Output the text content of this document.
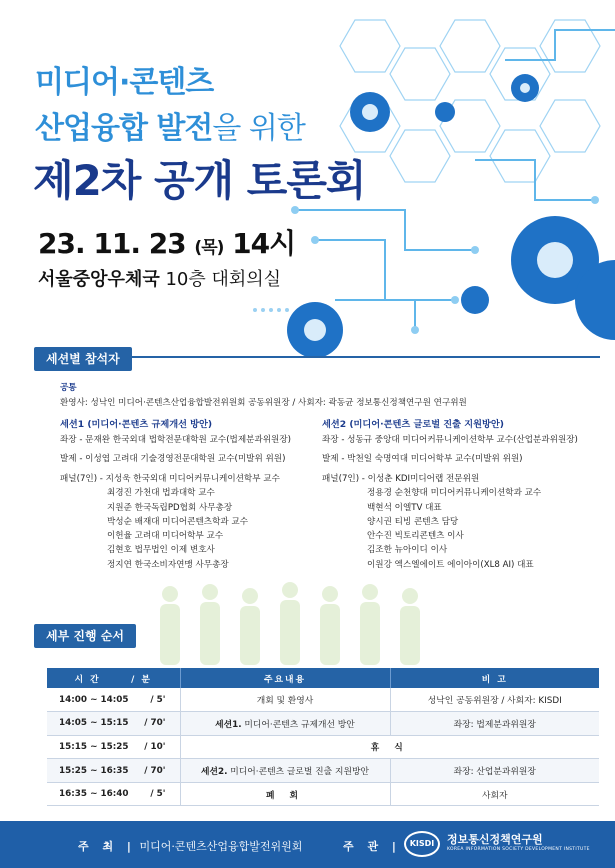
미디어·콘텐츠
산업융합 발전을 위한
제2차 공개 토론회
23. 11. 23 (목) 14시
서울중앙우체국 10층 대회의실
세션별 참석자
공통
환영사: 성낙인 미디어·콘텐츠산업융합발전위원회 공동위원장 / 사회자: 곽동균 정보통신정책연구원 연구위원
세션1 (미디어·콘텐츠 규제개선 방안)
좌장 - 문재완 한국외대 법학전문대학원 교수(법제분과위원장)
발제 - 이성엽 고려대 기술경영전문대학원 교수(미발위 위원)
패널(7인) - 지성욱 한국외대 미디어커뮤니케이션학부 교수
최경진 가천대 법과대학 교수
지원준 한국독립PD협회 사무총장
박성순 배재대 미디어콘텐츠학과 교수
이헌율 고려대 미디어학부 교수
김현호 법무법인 이제 변호사
정지연 한국소비자연맹 사무총장
세션2 (미디어·콘텐츠 글로벌 진출 지원방안)
좌장 - 성동규 중앙대 미디어커뮤니케이션학부 교수(산업분과위원장)
발제 - 박천일 숙명여대 미디어학부 교수(미발위 위원)
패널(7인) - 이성춘 KDI미디어랩 전문위원
정용경 순천향대 미디어커뮤니케이션학과 교수
백현석 이엘TV 대표
양시권 티빙 콘텐츠 담당
안수진 빅토리콘텐츠 이사
김조한 뉴아이디 이사
이원강 엑스엘에이트 에이아이(XL8 AI) 대표
세부 진행 순서
시 간 / 분	주요내용	비 고
14:00 ~ 14:05 / 5'	개회 및 환영사	성낙인 공동위원장 / 사회자: KISDI
14:05 ~ 15:15 / 70'	세션1. 미디어·콘텐츠 규제개선 방안	좌장: 법제분과위원장
15:15 ~ 15:25 / 10'	휴 식	
15:25 ~ 16:35 / 70'	세션2. 미디어·콘텐츠 글로벌 진출 지원방안	좌장: 산업분과위원장
16:35 ~ 16:40 / 5'	폐 회	사회자
주 최 | 미디어·콘텐츠산업융합발전위원회	주 관 |	KISDI	정보통신정책연구원
KOREA INFORMATION SOCIETY DEVELOPMENT INSTITUTE
